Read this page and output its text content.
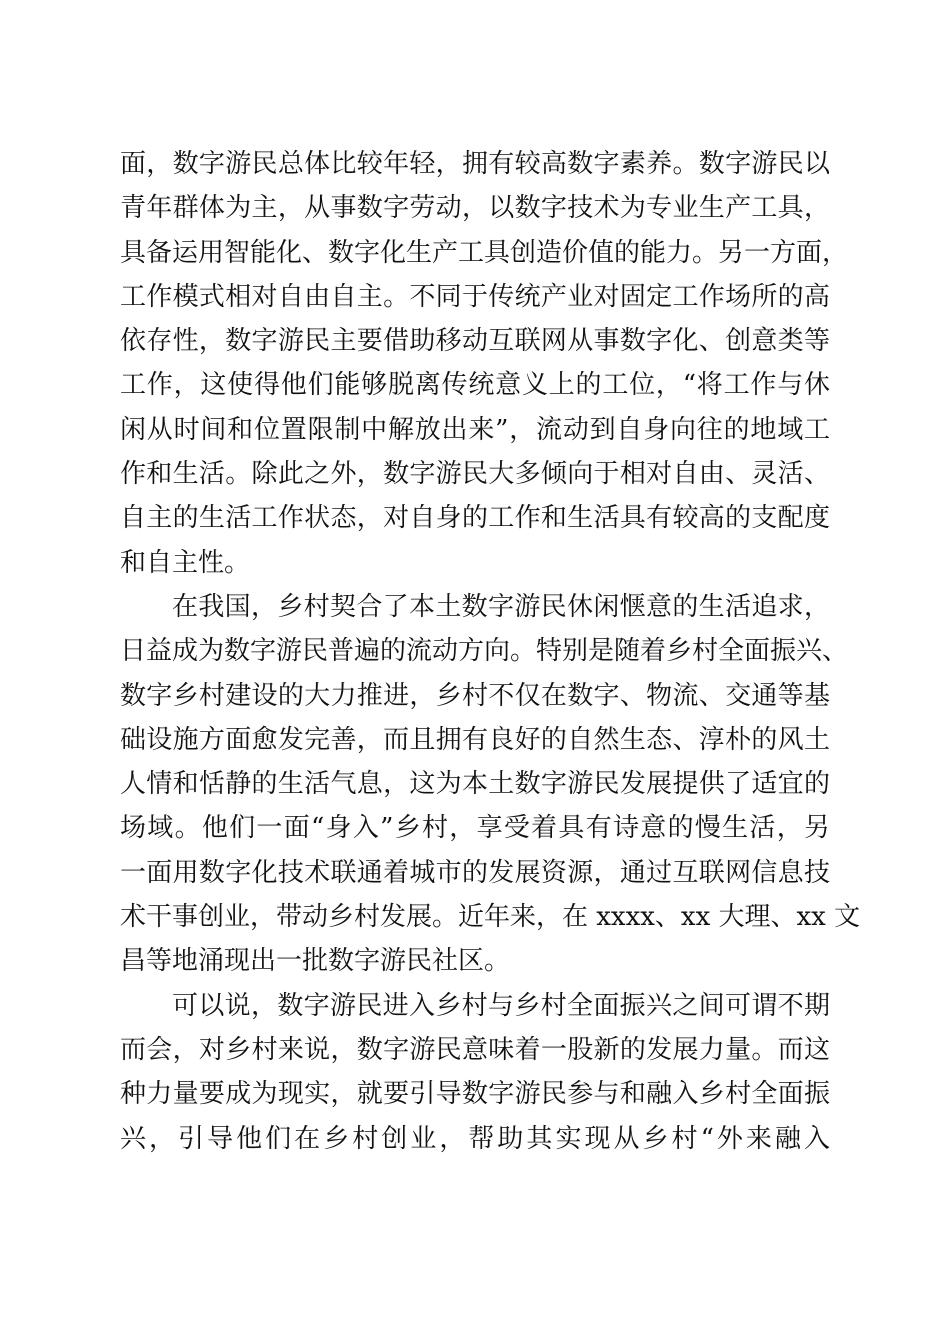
面，数字游民总体比较年轻，拥有较高数字素养。数字游民以
青年群体为主，从事数字劳动，以数字技术为专业生产工具，
具备运用智能化、数字化生产工具创造价值的能力。另一方面，
工作模式相对自由自主。不同于传统产业对固定工作场所的高
依存性，数字游民主要借助移动互联网从事数字化、创意类等
工作，这使得他们能够脱离传统意义上的工位，“将工作与休
闲从时间和位置限制中解放出来”，流动到自身向往的地域工
作和生活。除此之外，数字游民大多倾向于相对自由、灵活、
自主的生活工作状态，对自身的工作和生活具有较高的支配度
和自主性。
在我国，乡村契合了本土数字游民休闲惬意的生活追求，
日益成为数字游民普遍的流动方向。特别是随着乡村全面振兴、
数字乡村建设的大力推进，乡村不仅在数字、物流、交通等基
础设施方面愈发完善，而且拥有良好的自然生态、淳朴的风土
人情和恬静的生活气息，这为本土数字游民发展提供了适宜的
场域。他们一面“身入”乡村，享受着具有诗意的慢生活，另
一面用数字化技术联通着城市的发展资源，通过互联网信息技
术干事创业，带动乡村发展。近年来，在 xxxx、xx 大理、xx 文
昌等地涌现出一批数字游民社区。
可以说，数字游民进入乡村与乡村全面振兴之间可谓不期
而会，对乡村来说，数字游民意味着一股新的发展力量。而这
种力量要成为现实，就要引导数字游民参与和融入乡村全面振
兴，引导他们在乡村创业，帮助其实现从乡村“外来融入
